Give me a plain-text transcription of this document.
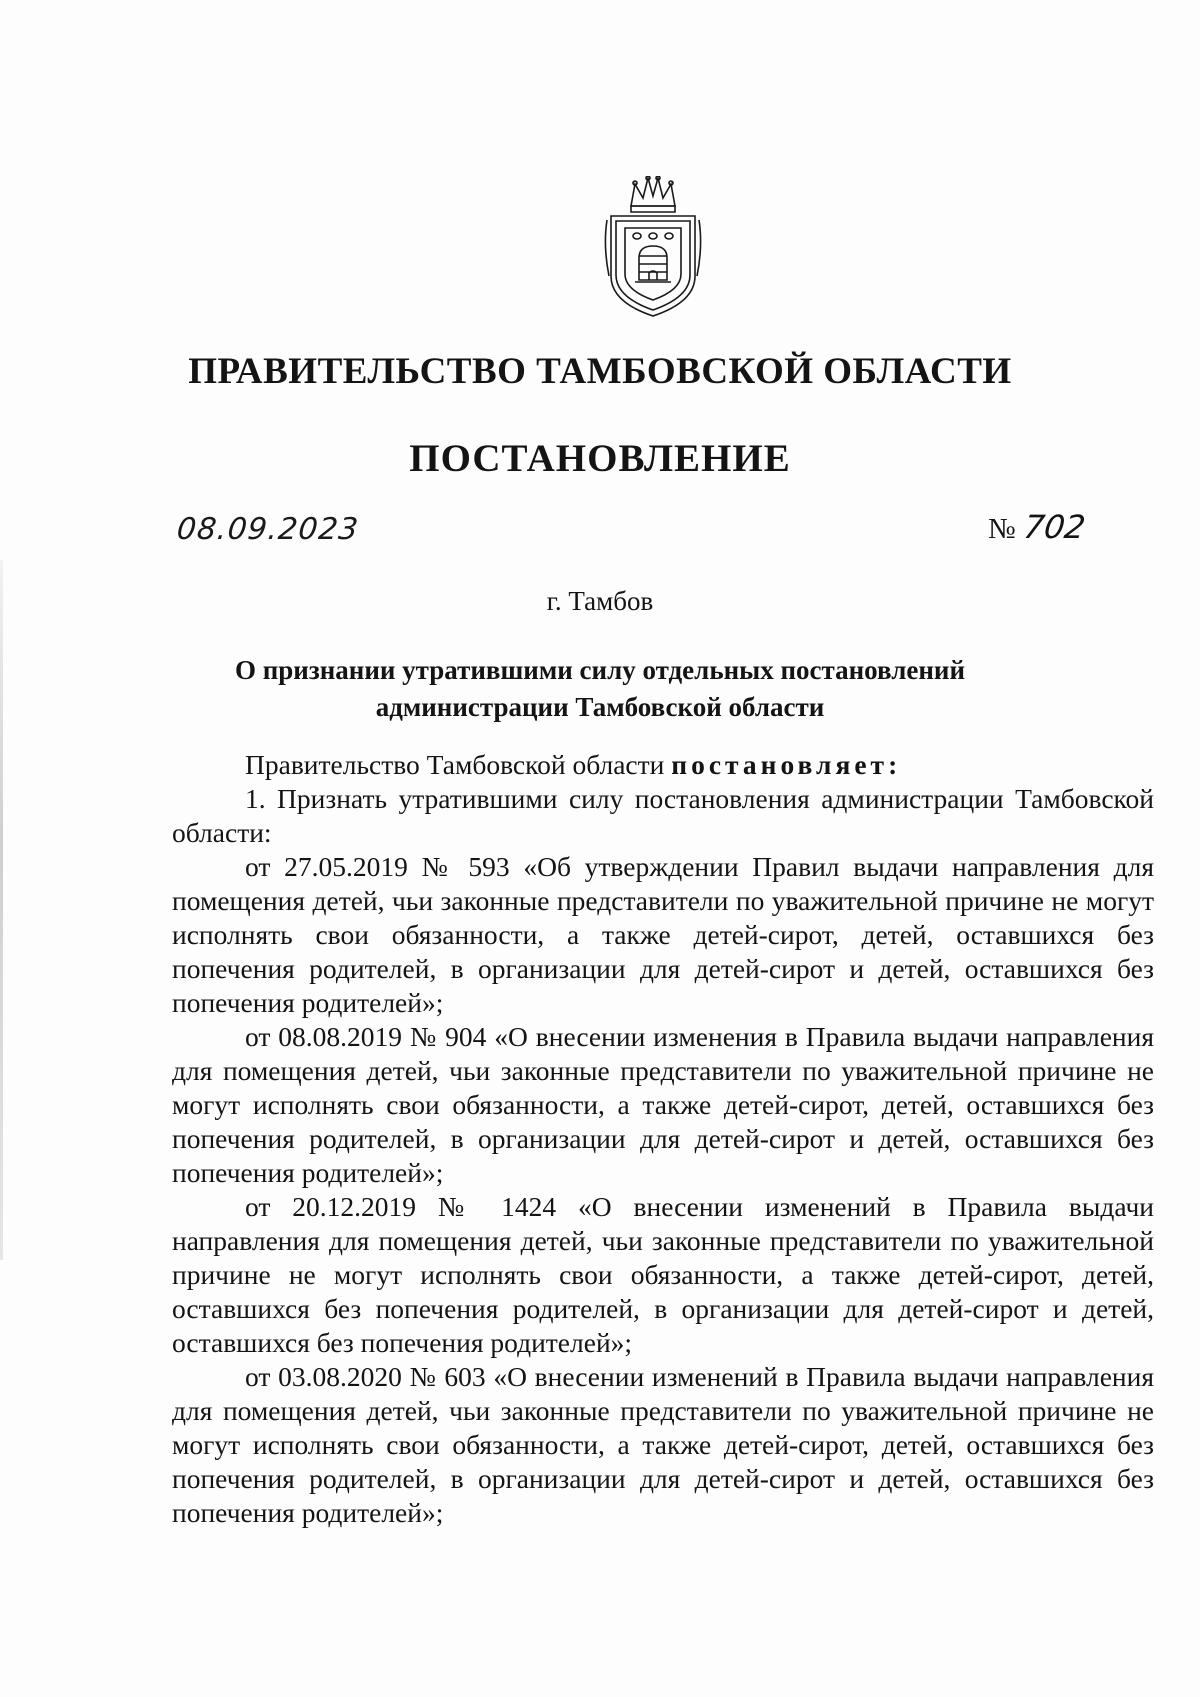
ПРАВИТЕЛЬСТВО ТАМБОВСКОЙ ОБЛАСТИ
ПОСТАНОВЛЕНИЕ
08.09.2023	№ 702
г. Тамбов
О признании утратившими силу отдельных постановлений
администрации Тамбовской области

Правительство Тамбовской области постановляет:

1. Признать утратившими силу постановления администрации Тамбовской области:

от 27.05.2019 № 593 «Об утверждении Правил выдачи направления для помещения детей, чьи законные представители по уважительной причине не могут исполнять свои обязанности, а также детей-сирот, детей, оставшихся без попечения родителей, в организации для детей-сирот и детей, оставшихся без попечения родителей»;

от 08.08.2019 № 904 «О внесении изменения в Правила выдачи направления для помещения детей, чьи законные представители по уважительной причине не могут исполнять свои обязанности, а также детей-сирот, детей, оставшихся без попечения родителей, в организации для детей-сирот и детей, оставшихся без попечения родителей»;

от 20.12.2019 № 1424 «О внесении изменений в Правила выдачи направления для помещения детей, чьи законные представители по уважительной причине не могут исполнять свои обязанности, а также детей-сирот, детей, оставшихся без попечения родителей, в организации для детей-сирот и детей, оставшихся без попечения родителей»;

от 03.08.2020 № 603 «О внесении изменений в Правила выдачи направления для помещения детей, чьи законные представители по уважительной причине не могут исполнять свои обязанности, а также детей-сирот, детей, оставшихся без попечения родителей, в организации для детей-сирот и детей, оставшихся без попечения родителей»;
